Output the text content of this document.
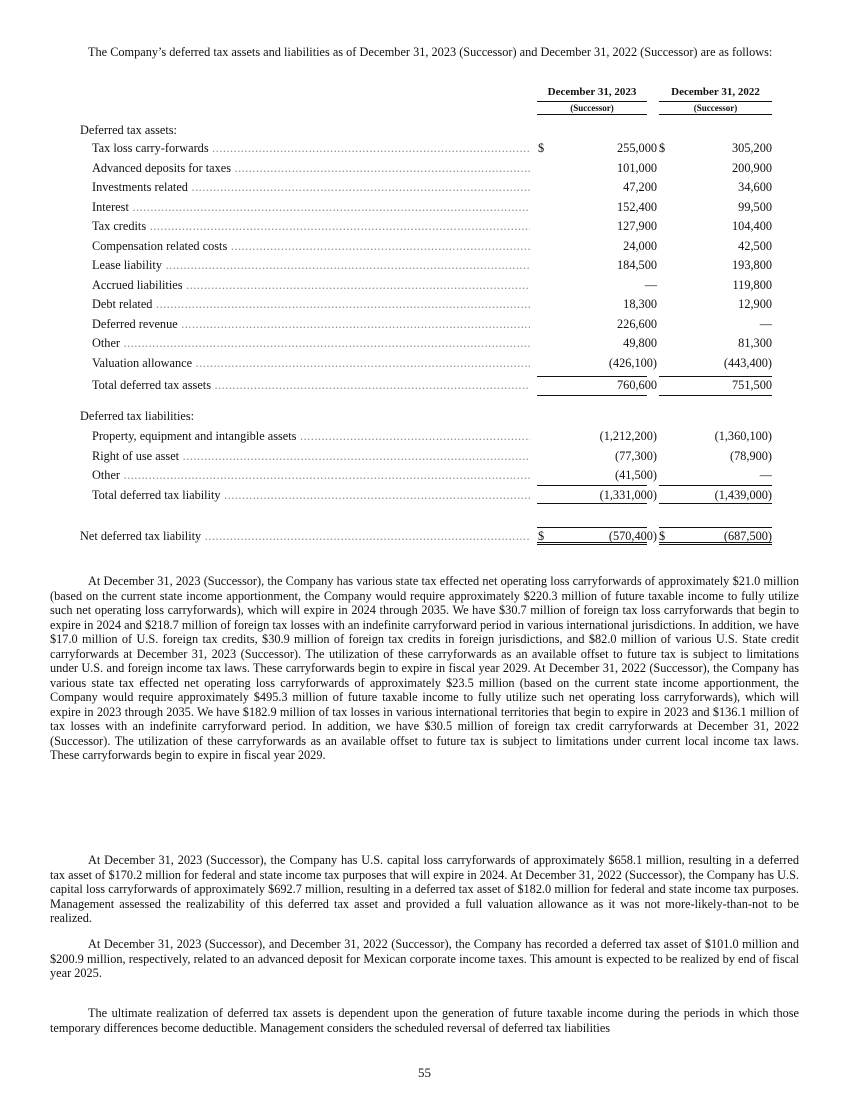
The Company’s deferred tax assets and liabilities as of December 31, 2023 (Successor) and December 31, 2022 (Successor) are as follows:
December 31, 2023
(Successor)
December 31, 2022
(Successor)
Deferred tax assets:
Tax loss carry-forwards .....	$	255,000 $	305,200
Advanced deposits for taxes .....	101,000	200,900
Investments related .....	47,200	34,600
Interest .....	152,400	99,500
Tax credits .....	127,900	104,400
Compensation related costs .....	24,000	42,500
Lease liability .....	184,500	193,800
Accrued liabilities .....	—	119,800
Debt related .....	18,300	12,900
Deferred revenue .....	226,600	—
Other .....	49,800	81,300
Valuation allowance .....	(426,100)	(443,400)
Total deferred tax assets .....	760,600	751,500
Deferred tax liabilities:
Property, equipment and intangible assets .....	(1,212,200)	(1,360,100)
Right of use asset .....	(77,300)	(78,900)
Other .....	(41,500)	—
Total deferred tax liability .....	(1,331,000)	(1,439,000)
Net deferred tax liability .....	$	(570,400) $	(687,500)
At December 31, 2023 (Successor), the Company has various state tax effected net operating loss carryforwards of approximately $21.0 million (based on the current state income apportionment, the Company would require approximately $220.3 million of future taxable income to fully utilize such net operating loss carryforwards), which will expire in 2024 through 2035. We have $30.7 million of foreign tax loss carryforwards that begin to expire in 2024 and $218.7 million of foreign tax losses with an indefinite carryforward period in various international jurisdictions. In addition, we have $17.0 million of U.S. foreign tax credits, $30.9 million of foreign tax credits in foreign jurisdictions, and $82.0 million of various U.S. State credit carryforwards at December 31, 2023 (Successor). The utilization of these carryforwards as an available offset to future tax is subject to limitations under U.S. and foreign income tax laws. These carryforwards begin to expire in fiscal year 2029. At December 31, 2022 (Successor), the Company has various state tax effected net operating loss carryforwards of approximately $23.5 million (based on the current state income apportionment, the Company would require approximately $495.3 million of future taxable income to fully utilize such net operating loss carryforwards), which will expire in 2023 through 2035. We have $182.9 million of tax losses in various international territories that begin to expire in 2023 and $136.1 million of tax losses with an indefinite carryforward period. In addition, we have $30.5 million of foreign tax credit carryforwards at December 31, 2022 (Successor). The utilization of these carryforwards as an available offset to future tax is subject to limitations under current local income tax laws. These carryforwards begin to expire in fiscal year 2029.
At December 31, 2023 (Successor), the Company has U.S. capital loss carryforwards of approximately $658.1 million, resulting in a deferred tax asset of $170.2 million for federal and state income tax purposes that will expire in 2024. At December 31, 2022 (Successor), the Company has U.S. capital loss carryforwards of approximately $692.7 million, resulting in a deferred tax asset of $182.0 million for federal and state income tax purposes. Management assessed the realizability of this deferred tax asset and provided a full valuation allowance as it was not more-likely-than-not to be realized.
At December 31, 2023 (Successor), and December 31, 2022 (Successor), the Company has recorded a deferred tax asset of $101.0 million and $200.9 million, respectively, related to an advanced deposit for Mexican corporate income taxes. This amount is expected to be realized by end of fiscal year 2025.
The ultimate realization of deferred tax assets is dependent upon the generation of future taxable income during the periods in which those temporary differences become deductible. Management considers the scheduled reversal of deferred tax liabilities
55
